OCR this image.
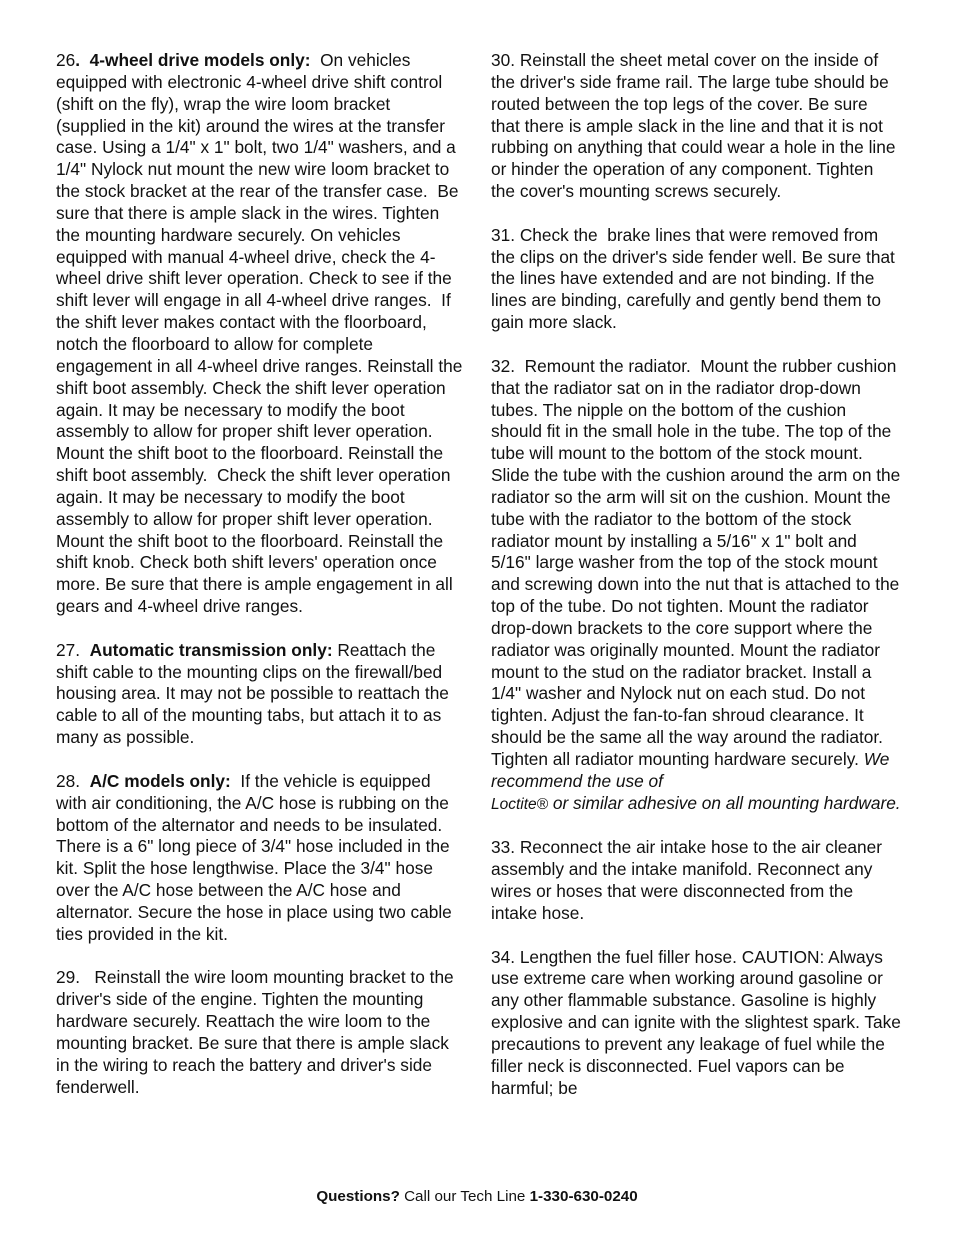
26.  4-wheel drive models only:  On vehicles equipped with electronic 4-wheel drive shift control (shift on the fly), wrap the wire loom bracket (supplied in the kit) around the wires at the transfer case. Using a 1/4" x 1" bolt, two 1/4" washers, and a 1/4" Nylock nut mount the new wire loom bracket to the stock bracket at the rear of the transfer case.  Be sure that there is ample slack in the wires. Tighten the mounting hardware securely. On vehicles equipped with manual 4-wheel drive, check the 4-wheel drive shift lever operation. Check to see if the shift lever will engage in all 4-wheel drive ranges.  If the shift lever makes contact with the floorboard, notch the floorboard to allow for complete engagement in all 4-wheel drive ranges. Reinstall the shift boot assembly. Check the shift lever operation again. It may be necessary to modify the boot assembly to allow for proper shift lever operation. Mount the shift boot to the floorboard. Reinstall the shift boot assembly.  Check the shift lever operation again. It may be necessary to modify the boot assembly to allow for proper shift lever operation. Mount the shift boot to the floorboard. Reinstall the shift knob. Check both shift levers' operation once more. Be sure that there is ample engagement in all gears and 4-wheel drive ranges.

27.  Automatic transmission only: Reattach the shift cable to the mounting clips on the firewall/bed housing area. It may not be possible to reattach the cable to all of the mounting tabs, but attach it to as many as possible.

28.  A/C models only:  If the vehicle is equipped with air conditioning, the A/C hose is rubbing on the bottom of the alternator and needs to be insulated. There is a 6" long piece of 3/4" hose included in the kit. Split the hose lengthwise. Place the 3/4" hose over the A/C hose between the A/C hose and alternator. Secure the hose in place using two cable ties provided in the kit.

29.   Reinstall the wire loom mounting bracket to the driver's side of the engine. Tighten the mounting hardware securely. Reattach the wire loom to the mounting bracket. Be sure that there is ample slack in the wiring to reach the battery and driver's side fenderwell.

30. Reinstall the sheet metal cover on the inside of the driver's side frame rail. The large tube should be routed between the top legs of the cover. Be sure that there is ample slack in the line and that it is not rubbing on anything that could wear a hole in the line or hinder the operation of any component. Tighten the cover's mounting screws securely.

31. Check the  brake lines that were removed from the clips on the driver's side fender well. Be sure that the lines have extended and are not binding. If the lines are binding, carefully and gently bend them to gain more slack.

32.  Remount the radiator.  Mount the rubber cushion that the radiator sat on in the radiator drop-down tubes. The nipple on the bottom of the cushion should fit in the small hole in the tube. The top of the tube will mount to the bottom of the stock mount. Slide the tube with the cushion around the arm on the radiator so the arm will sit on the cushion. Mount the tube with the radiator to the bottom of the stock radiator mount by installing a 5/16" x 1" bolt and 5/16" large washer from the top of the stock mount and screwing down into the nut that is attached to the top of the tube. Do not tighten. Mount the radiator drop-down brackets to the core support where the radiator was originally mounted. Mount the radiator mount to the stud on the radiator bracket. Install a 1/4" washer and Nylock nut on each stud. Do not tighten. Adjust the fan-to-fan shroud clearance. It should be the same all the way around the radiator. Tighten all radiator mounting hardware securely. We recommend the use of
Loctite® or similar adhesive on all mounting hardware.

33. Reconnect the air intake hose to the air cleaner assembly and the intake manifold. Reconnect any wires or hoses that were disconnected from the intake hose.

34. Lengthen the fuel filler hose. CAUTION: Always use extreme care when working around gasoline or any other flammable substance. Gasoline is highly explosive and can ignite with the slightest spark. Take precautions to prevent any leakage of fuel while the filler neck is disconnected. Fuel vapors can be harmful; be

Questions? Call our Tech Line 1-330-630-0240
